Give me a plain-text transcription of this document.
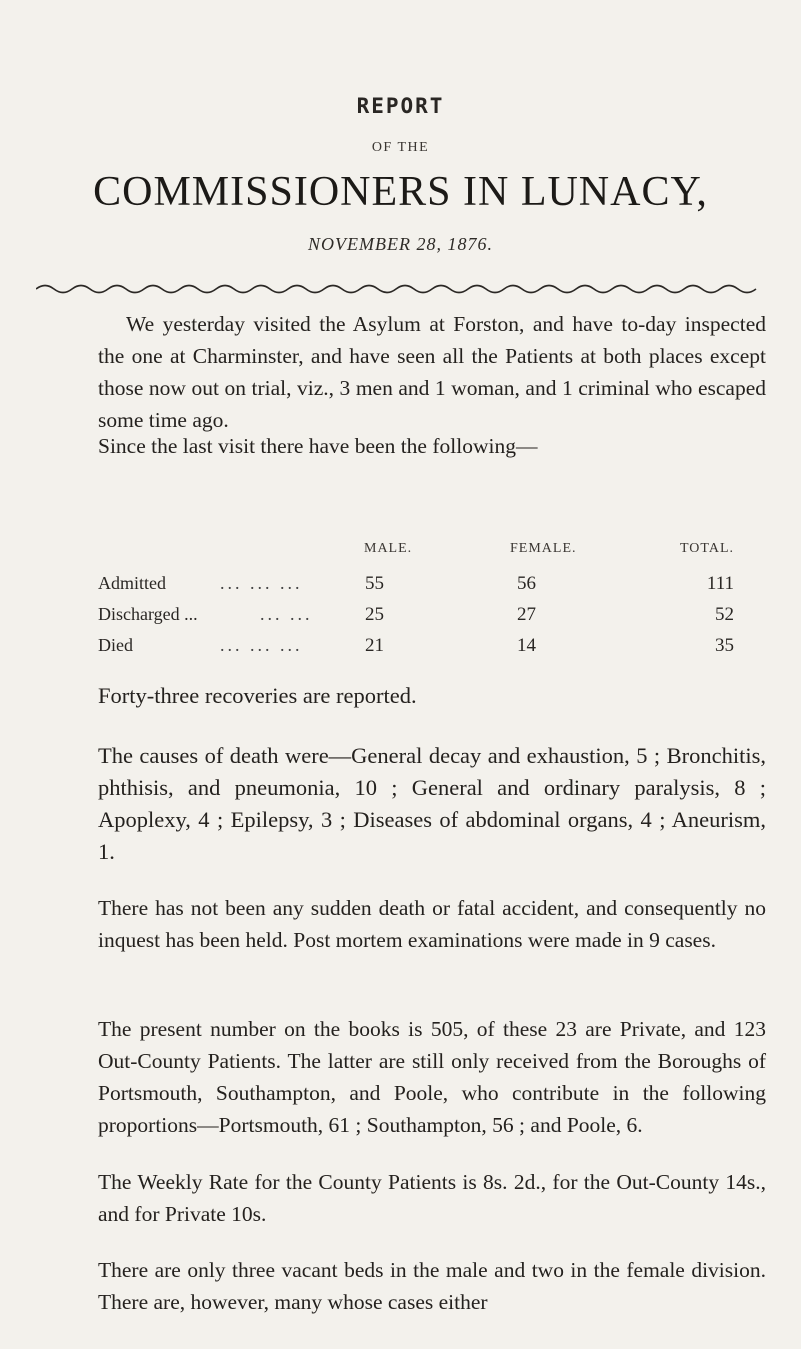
REPORT
OF THE
COMMISSIONERS IN LUNACY,
NOVEMBER 28, 1876.
We yesterday visited the Asylum at Forston, and have to-day inspected the one at Charminster, and have seen all the Patients at both places except those now out on trial, viz., 3 men and 1 woman, and 1 criminal who escaped some time ago.
Since the last visit there have been the following—
MALE.	FEMALE.	TOTAL.
Admitted	... ... ...	55	56	111
Discharged ...	... ...	25	27	52
Died	... ... ...	21	14	35
Forty-three recoveries are reported.
The causes of death were—General decay and exhaustion, 5 ; Bronchitis, phthisis, and pneumonia, 10 ; General and ordinary paralysis, 8 ; Apoplexy, 4 ; Epilepsy, 3 ; Diseases of abdominal organs, 4 ; Aneurism, 1.
There has not been any sudden death or fatal accident, and consequently no inquest has been held. Post mortem examinations were made in 9 cases.
The present number on the books is 505, of these 23 are Private, and 123 Out-County Patients. The latter are still only received from the Boroughs of Portsmouth, Southampton, and Poole, who contribute in the following proportions—Portsmouth, 61 ; Southampton, 56 ; and Poole, 6.
The Weekly Rate for the County Patients is 8s. 2d., for the Out-County 14s., and for Private 10s.
There are only three vacant beds in the male and two in the female division. There are, however, many whose cases either
